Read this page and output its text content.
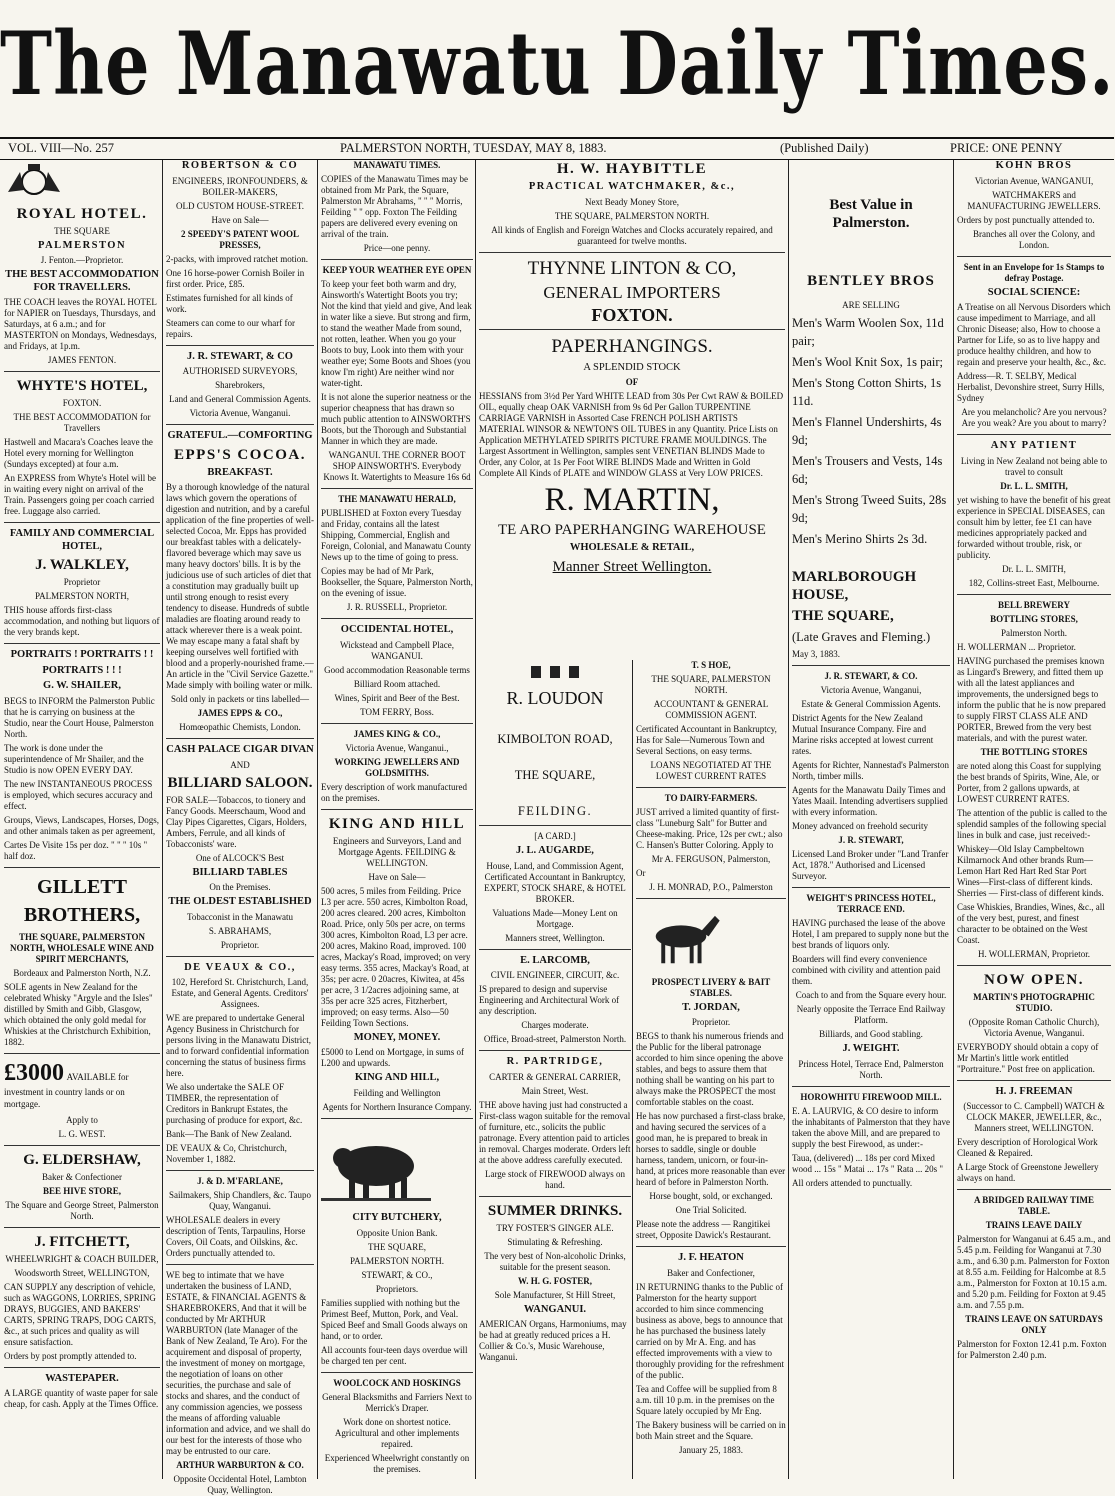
The Manawatu Daily Times.
VOL. VIII—No. 257	PALMERSTON NORTH, TUESDAY, MAY 8, 1883.	(Published Daily)	PRICE: ONE PENNY

ROYAL HOTEL.

THE SQUARE

PALMERSTON

J. Fenton.—Proprietor.

THE BEST ACCOMMODATION FOR TRAVELLERS.

THE COACH leaves the ROYAL HOTEL for NAPIER on Tuesdays, Thursdays, and Saturdays, at 6 a.m.; and for MASTERTON on Mondays, Wednesdays, and Fridays, at 1p.m.

JAMES FENTON.

WHYTE'S HOTEL,

FOXTON.

THE BEST ACCOMMODATION for Travellers

Hastwell and Macara's Coaches leave the Hotel every morning for Wellington (Sundays excepted) at four a.m.

An EXPRESS from Whyte's Hotel will be in waiting every night on arrival of the Train. Passengers going per coach carried free. Luggage also carried.

FAMILY AND COMMERCIAL HOTEL,

J. WALKLEY,

Proprietor

PALMERSTON NORTH,

THIS house affords first-class accommodation, and nothing but liquors of the very brands kept.

PORTRAITS ! PORTRAITS ! !

PORTRAITS ! ! !

G. W. SHAILER,

BEGS to INFORM the Palmerston Public that he is carrying on business at the Studio, near the Court House, Palmerston North.

The work is done under the superintendence of Mr Shailer, and the Studio is now OPEN EVERY DAY.

The new INSTANTANEOUS PROCESS is employed, which secures accuracy and effect.

Groups, Views, Landscapes, Horses, Dogs, and other animals taken as per agreement,

Cartes De Visite 15s per doz. " " " 10s " half doz.

GILLETT BROTHERS,

THE SQUARE, PALMERSTON NORTH, WHOLESALE WINE AND SPIRIT MERCHANTS,

Bordeaux and Palmerston North, N.Z.

SOLE agents in New Zealand for the celebrated Whisky "Argyle and the Isles" distilled by Smith and Gibb, Glasgow, which obtained the only gold medal for Whiskies at the Christchurch Exhibition, 1882.

£3000 AVAILABLE for investment in country lands or on mortgage.

Apply to

L. G. WEST.

G. ELDERSHAW,

Baker & Confectioner

BEE HIVE STORE,

The Square and George Street, Palmerston North.

J. FITCHETT,

WHEELWRIGHT & COACH BUILDER,

Woodsworth Street, WELLINGTON,

CAN SUPPLY any description of vehicle, such as WAGGONS, LORRIES, SPRING DRAYS, BUGGIES, AND BAKERS' CARTS, SPRING TRAPS, DOG CARTS, &c., at such prices and quality as will ensure satisfaction.

Orders by post promptly attended to.

WASTEPAPER.

A LARGE quantity of waste paper for sale cheap, for cash. Apply at the Times Office.

ROBERTSON & CO

ENGINEERS, IRONFOUNDERS, & BOILER-MAKERS,

OLD CUSTOM HOUSE-STREET.

Have on Sale—

2 SPEEDY'S PATENT WOOL PRESSES,

2-packs, with improved ratchet motion.

One 16 horse-power Cornish Boiler in first order. Price, £85.

Estimates furnished for all kinds of work.

Steamers can come to our wharf for repairs.

J. R. STEWART, & CO

AUTHORISED SURVEYORS,

Sharebrokers,

Land and General Commission Agents.

Victoria Avenue, Wanganui.

GRATEFUL.—COMFORTING

EPPS'S COCOA.

BREAKFAST.

By a thorough knowledge of the natural laws which govern the operations of digestion and nutrition, and by a careful application of the fine properties of well-selected Cocoa, Mr. Epps has provided our breakfast tables with a delicately-flavored beverage which may save us many heavy doctors' bills. It is by the judicious use of such articles of diet that a constitution may gradually built up until strong enough to resist every tendency to disease. Hundreds of subtle maladies are floating around ready to attack wherever there is a weak point. We may escape many a fatal shaft by keeping ourselves well fortified with blood and a properly-nourished frame.—An article in the "Civil Service Gazette." Made simply with boiling water or milk.

Sold only in packets or tins labelled—

JAMES EPPS & CO.,

Homœopathic Chemists, London.

CASH PALACE CIGAR DIVAN

AND

BILLIARD SALOON.

FOR SALE—Tobaccos, to tionery and Fancy Goods. Meerschaum, Wood and Clay Pipes Cigarettes, Cigars, Holders, Ambers, Ferrule, and all kinds of Tobacconists' ware.

One of ALCOCK'S Best

BILLIARD TABLES

On the Premises.

THE OLDEST ESTABLISHED

Tobacconist in the Manawatu

S. ABRAHAMS,

Proprietor.

DE VEAUX & CO.,

102, Hereford St. Christchurch, Land, Estate, and General Agents. Creditors' Assignees.

WE are prepared to undertake General Agency Business in Christchurch for persons living in the Manawatu District, and to forward confidential information concerning the status of business firms here.

We also undertake the SALE OF TIMBER, the representation of Creditors in Bankrupt Estates, the purchasing of produce for export, &c.

Bank—The Bank of New Zealand.

DE VEAUX & Co, Christchurch, November 1, 1882.

J. & D. M'FARLANE,

Sailmakers, Ship Chandlers, &c. Taupo Quay, Wanganui.

WHOLESALE dealers in every description of Tents, Tarpaulins, Horse Covers, Oil Coats, and Oilskins, &c. Orders punctually attended to.

WE beg to intimate that we have undertaken the business of LAND, ESTATE, & FINANCIAL AGENTS & SHAREBROKERS, And that it will be conducted by Mr ARTHUR WARBURTON (late Manager of the Bank of New Zealand, Te Aro). For the acquirement and disposal of property, the investment of money on mortgage, the negotiation of loans on other securities, the purchase and sale of stocks and shares, and the conduct of any commission agencies, we possess the means of affording valuable information and advice, and we shall do our best for the interests of those who may be entrusted to our care.

ARTHUR WARBURTON & CO.

Opposite Occidental Hotel, Lambton Quay, Wellington.

MANAWATU TIMES.

COPIES of the Manawatu Times may be obtained from Mr Park, the Square, Palmerston Mr Abrahams, " " " Morris, Feilding " " opp. Foxton The Feilding papers are delivered every evening on arrival of the train.

Price—one penny.

KEEP YOUR WEATHER EYE OPEN

To keep your feet both warm and dry, Ainsworth's Watertight Boots you try; Not the kind that yield and give, And leak in water like a sieve. But strong and firm, to stand the weather Made from sound, not rotten, leather. When you go your Boots to buy, Look into them with your weather eye; Some Boots and Shoes (you know I'm right) Are neither wind nor water-tight.

It is not alone the superior neatness or the superior cheapness that has drawn so much public attention to AINSWORTH'S Boots, but the Thorough and Substantial Manner in which they are made.

WANGANUI. THE CORNER BOOT SHOP AINSWORTH'S. Everybody Knows It. Watertights to Measure 16s 6d

THE MANAWATU HERALD,

PUBLISHED at Foxton every Tuesday and Friday, contains all the latest Shipping, Commercial, English and Foreign, Colonial, and Manawatu County News up to the time of going to press.

Copies may be had of Mr Park, Bookseller, the Square, Palmerston North, on the evening of issue.

J. R. RUSSELL, Proprietor.

OCCIDENTAL HOTEL,

Wickstead and Campbell Place, WANGANUI.

Good accommodation Reasonable terms

Billiard Room attached.

Wines, Spirit and Beer of the Best.

TOM FERRY, Boss.

JAMES KING & CO.,

Victoria Avenue, Wanganui.,

WORKING JEWELLERS AND GOLDSMITHS.

Every description of work manufactured on the premises.

KING AND HILL

Engineers and Surveyors, Land and Mortgage Agents. FEILDING & WELLINGTON.

Have on Sale—

500 acres, 5 miles from Feilding. Price L3 per acre. 550 acres, Kimbolton Road, 200 acres cleared. 200 acres, Kimbolton Road. Price, only 50s per acre, on terms 300 acres, Kimbolton Road, L3 per acre. 200 acres, Makino Road, improved. 100 acres, Mackay's Road, improved; on very easy terms. 355 acres, Mackay's Road, at 35s; per acre. 0 20acres, Kiwitea, at 45s per acre, 3 1/2acres adjoining same, at 35s per acre 325 acres, Fitzherbert, improved; on easy terms. Also—50 Feilding Town Sections.

MONEY, MONEY.

£5000 to Lend on Mortgage, in sums of L200 and upwards.

KING AND HILL,

Feilding and Wellington

Agents for Northern Insurance Company.

CITY BUTCHERY,

Opposite Union Bank.

THE SQUARE,

PALMERSTON NORTH.

STEWART, & CO.,

Proprietors.

Families supplied with nothing but the Primest Beef, Mutton, Pork, and Veal. Spiced Beef and Small Goods always on hand, or to order.

All accounts four-teen days overdue will be charged ten per cent.

WOOLCOCK AND HOSKINGS

General Blacksmiths and Farriers Next to Merrick's Draper.

Work done on shortest notice. Agricultural and other implements repaired.

Experienced Wheelwright constantly on the premises.

H. W. HAYBITTLE

PRACTICAL WATCHMAKER, &c.,

Next Beady Money Store,

THE SQUARE, PALMERSTON NORTH.

All kinds of English and Foreign Watches and Clocks accurately repaired, and guaranteed for twelve months.

THYNNE LINTON & CO,

GENERAL IMPORTERS

FOXTON.

PAPERHANGINGS.

A SPLENDID STOCK

OF

HESSIANS from 3½d Per Yard WHITE LEAD from 30s Per Cwt RAW & BOILED OIL, equally cheap OAK VARNISH from 9s 6d Per Gallon TURPENTINE CARRIAGE VARNISH in Assorted Case FRENCH POLISH ARTISTS MATERIAL WINSOR & NEWTON'S OIL TUBES in any Quantity. Price Lists on Application METHYLATED SPIRITS PICTURE FRAME MOULDINGS. The Largest Assortment in Wellington, samples sent VENETIAN BLINDS Made to Order, any Color, at 1s Per Foot WIRE BLINDS Made and Written in Gold Complete All Kinds of PLATE and WINDOW GLASS at Very LOW PRICES.

R. MARTIN,

TE ARO PAPERHANGING WAREHOUSE

WHOLESALE & RETAIL,

Manner Street Wellington.

R. LOUDON

KIMBOLTON ROAD,

THE SQUARE,

FEILDING.

[A CARD.]

J. L. AUGARDE,

House, Land, and Commission Agent, Certificated Accountant in Bankruptcy, EXPERT, STOCK SHARE, & HOTEL BROKER.

Valuations Made—Money Lent on Mortgage.

Manners street, Wellington.

E. LARCOMB,

CIVIL ENGINEER, CIRCUIT, &c.

IS prepared to design and supervise Engineering and Architectural Work of any description.

Charges moderate.

Office, Broad-street, Palmerston North.

R. PARTRIDGE,

CARTER & GENERAL CARRIER,

Main Street, West.

THE above having just had constructed a First-class wagon suitable for the removal of furniture, etc., solicits the public patronage. Every attention paid to articles in removal. Charges moderate. Orders left at the above address carefully executed.

Large stock of FIREWOOD always on hand.

SUMMER DRINKS.

TRY FOSTER'S GINGER ALE.

Stimulating & Refreshing.

The very best of Non-alcoholic Drinks, suitable for the present season.

W. H. G. FOSTER,

Sole Manufacturer, St Hill Street,

WANGANUI.

AMERICAN Organs, Harmoniums, may be had at greatly reduced prices a H. Collier & Co.'s, Music Warehouse, Wanganui.

T. S HOE,

THE SQUARE, PALMERSTON NORTH.

ACCOUNTANT & GENERAL COMMISSION AGENT.

Certificated Accountant in Bankruptcy, Has for Sale—Numerous Town and Several Sections, on easy terms.

LOANS NEGOTIATED AT THE LOWEST CURRENT RATES

TO DAIRY-FARMERS.

JUST arrived a limited quantity of first-class "Luneburg Salt" for Butter and Cheese-making. Price, 12s per cwt.; also C. Hansen's Butter Coloring. Apply to

Mr A. FERGUSON, Palmerston,

Or

J. H. MONRAD, P.O., Palmerston

PROSPECT LIVERY & BAIT STABLES.

T. JORDAN,

Proprietor.

BEGS to thank his numerous friends and the Public for the liberal patronage accorded to him since opening the above stables, and begs to assure them that nothing shall be wanting on his part to always make the PROSPECT the most comfortable stables on the coast.

He has now purchased a first-class brake, and having secured the services of a good man, he is prepared to break in horses to saddle, single or double harness, tandem, unicorn, or four-in-hand, at prices more reasonable than ever heard of before in Palmerston North.

Horse bought, sold, or exchanged.

One Trial Solicited.

Please note the address — Rangitikei street, Opposite Dawick's Restaurant.

J. F. HEATON

Baker and Confectioner,

IN RETURNING thanks to the Public of Palmerston for the hearty support accorded to him since commencing business as above, begs to announce that he has purchased the business lately carried on by Mr A. Eng. and has effected improvements with a view to thoroughly providing for the refreshment of the public.

Tea and Coffee will be supplied from 8 a.m. till 10 p.m. in the premises on the Square lately occupied by Mr Eng.

The Bakery business will be carried on in both Main street and the Square.

January 25, 1883.

Best Value in Palmerston.

BENTLEY BROS

ARE SELLING

Men's Warm Woolen Sox, 11d pair;

Men's Wool Knit Sox, 1s pair;

Men's Stong Cotton Shirts, 1s 11d.

Men's Flannel Undershirts, 4s 9d;

Men's Trousers and Vests, 14s 6d;

Men's Strong Tweed Suits, 28s 9d;

Men's Merino Shirts 2s 3d.

MARLBOROUGH HOUSE,

THE SQUARE,

(Late Graves and Fleming.)

May 3, 1883.

J. R. STEWART, & CO.

Victoria Avenue, Wanganui,

Estate & General Commission Agents.

District Agents for the New Zealand Mutual Insurance Company. Fire and Marine risks accepted at lowest current rates.

Agents for Richter, Nannestad's Palmerston North, timber mills.

Agents for the Manawatu Daily Times and Yates Maail. Intending advertisers supplied with every information.

Money advanced on freehold security

J. R. STEWART,

Licensed Land Broker under "Land Tranfer Act, 1878." Authorised and Licensed Surveyor.

WEIGHT'S PRINCESS HOTEL, TERRACE END.

HAVING purchased the lease of the above Hotel, I am prepared to supply none but the best brands of liquors only.

Boarders will find every convenience combined with civility and attention paid them.

Coach to and from the Square every hour.

Nearly opposite the Terrace End Railway Platform.

Billiards, and Good stabling.

J. WEIGHT.

Princess Hotel, Terrace End, Palmerston North.

HOROWHITU FIREWOOD MILL.

E. A. LAURVIG, & CO desire to inform the inhabitants of Palmerston that they have taken the above Mill, and are prepared to supply the best Firewood, as under:-

Taua, (delivered) ... 18s per cord Mixed wood ... 15s " Matai ... 17s " Rata ... 20s "

All orders attended to punctually.

KOHN BROS

Victorian Avenue, WANGANUI,

WATCHMAKERS and MANUFACTURING JEWELLERS.

Orders by post punctually attended to.

Branches all over the Colony, and London.

Sent in an Envelope for 1s Stamps to defray Postage.

SOCIAL SCIENCE:

A Treatise on all Nervous Disorders which cause impediment to Marriage, and all Chronic Disease; also, How to choose a Partner for Life, so as to live happy and produce healthy children, and how to regain and preserve your health, &c., &c.

Address—R. T. SELBY, Medical Herbalist, Devonshire street, Surry Hills, Sydney

Are you melancholic? Are you nervous? Are you weak? Are you about to marry?

ANY PATIENT

Living in New Zealand not being able to travel to consult

Dr. L. L. SMITH,

yet wishing to have the benefit of his great experience in SPECIAL DISEASES, can consult him by letter, fee £1 can have medicines appropriately packed and forwarded without trouble, risk, or publicity.

Dr. L. L. SMITH,

182, Collins-street East, Melbourne.

BELL BREWERY

BOTTLING STORES,

Palmerston North.

H. WOLLERMAN ... Proprietor.

HAVING purchased the premises known as Lingard's Brewery, and fitted them up with all the latest appliances and improvements, the undersigned begs to inform the public that he is now prepared to supply FIRST CLASS ALE AND PORTER, Brewed from the very best materials, and with the purest water.

THE BOTTLING STORES

are noted along this Coast for supplying the best brands of Spirits, Wine, Ale, or Porter, from 2 gallons upwards, at LOWEST CURRENT RATES.

The attention of the public is called to the splendid samples of the following special lines in bulk and case, just received:-

Whiskey—Old Islay Campbeltown Kilmarnock And other brands Rum—Lemon Hart Red Hart Red Star Port Wines—First-class of different kinds. Sherries — First-class of different kinds.

Case Whiskies, Brandies, Wines, &c., all of the very best, purest, and finest character to be obtained on the West Coast.

H. WOLLERMAN, Proprietor.

NOW OPEN.

MARTIN'S PHOTOGRAPHIC STUDIO.

(Opposite Roman Catholic Church), Victoria Avenue, Wanganui.

EVERYBODY should obtain a copy of Mr Martin's little work entitled "Portraiture." Post free on application.

H. J. FREEMAN

(Successor to C. Campbell) WATCH & CLOCK MAKER, JEWELLER, &c., Manners street, WELLINGTON.

Every description of Horological Work Cleaned & Repaired.

A Large Stock of Greenstone Jewellery always on hand.

A BRIDGED RAILWAY TIME TABLE.

TRAINS LEAVE DAILY

Palmerston for Wanganui at 6.45 a.m., and 5.45 p.m. Feilding for Wanganui at 7.30 a.m., and 6.30 p.m. Palmerston for Foxton at 8.55 a.m. Feilding for Halcombe at 8.5 a.m., Palmerston for Foxton at 10.15 a.m. and 5.20 p.m. Feilding for Foxton at 9.45 a.m. and 7.55 p.m.

TRAINS LEAVE ON SATURDAYS ONLY

Palmerston for Foxton 12.41 p.m. Foxton for Palmerston 2.40 p.m.
